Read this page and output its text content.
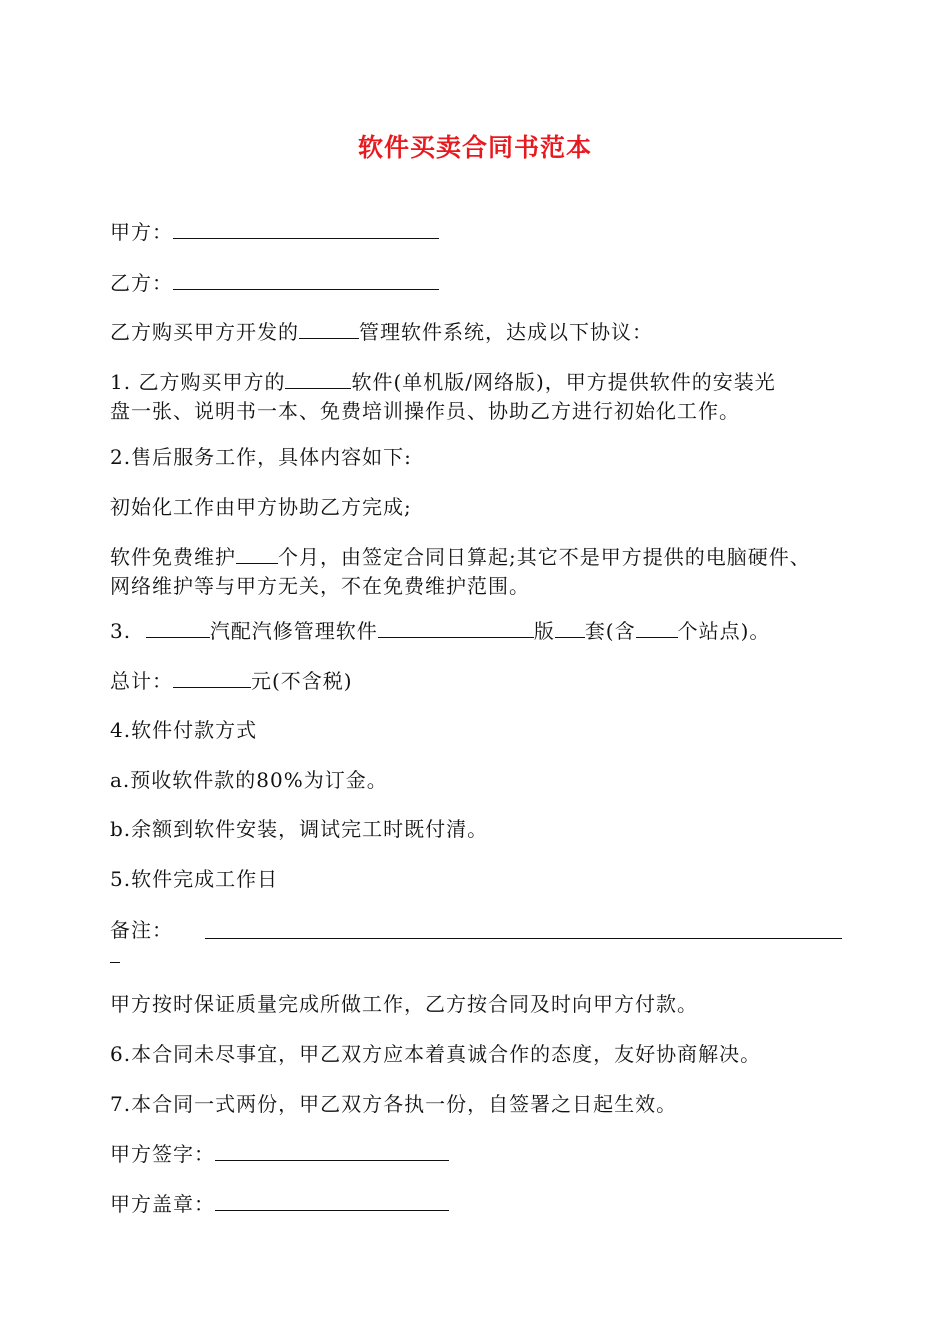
软件买卖合同书范本
甲方：
乙方：
乙方购买甲方开发的	管理软件系统，达成以下协议：
1. 乙方购买甲方的	软件(单机版/网络版)，甲方提供软件的安装光
盘一张、说明书一本、免费培训操作员、协助乙方进行初始化工作。
2.售后服务工作，具体内容如下:
初始化工作由甲方协助乙方完成;
软件免费维护 个月，由签定合同日算起;其它不是甲方提供的电脑硬件、
网络维护等与甲方无关，不在免费维护范围。
3.	汽配汽修管理软件	版 套(含 个站点)。
总计：	元(不含税)
4.软件付款方式
a.预收软件款的80%为订金。
b.余额到软件安装，调试完工时既付清。
5.软件完成工作日
备注：
甲方按时保证质量完成所做工作，乙方按合同及时向甲方付款。
6.本合同未尽事宜，甲乙双方应本着真诚合作的态度，友好协商解决。
7.本合同一式两份，甲乙双方各执一份，自签署之日起生效。
甲方签字：
甲方盖章：
